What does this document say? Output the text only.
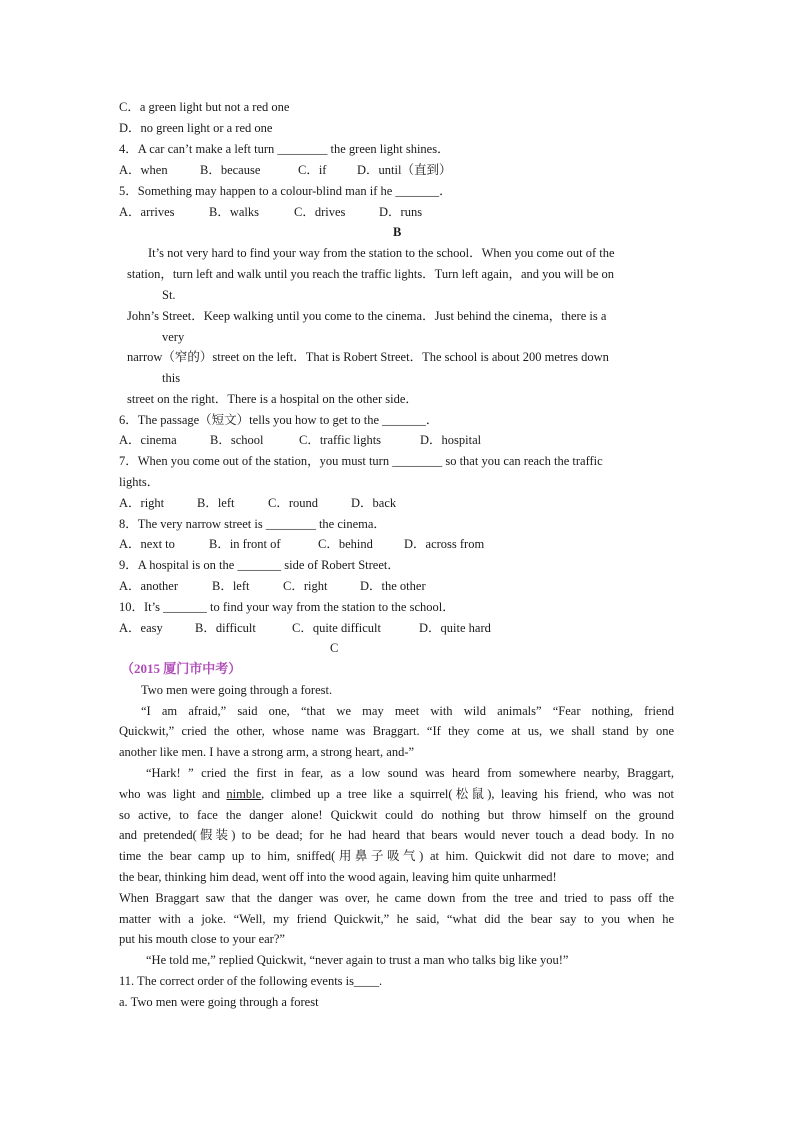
C．a green light but not a red one
D．no green light or a red one
4．A car can’t make a left turn ________ the green light shines．
A．when	B．because	C．if D．until（直到）
5．Something may happen to a colour-blind man if he _______．
A．arrives	B．walks	C．drives	D．runs
B
It’s not very hard to find your way from the station to the school．When you come out of the
station，turn left and walk until you reach the traffic lights．Turn left again，and you will be on
St.
John’s Street．Keep walking until you come to the cinema．Just behind the cinema，there is a
very
narrow（窄的）street on the left．That is Robert Street．The school is about 200 metres down
this
street on the right．There is a hospital on the other side．
6．The passage（短文）tells you how to get to the _______．
A．cinema	B．school	C．traffic lights	D．hospital
7．When you come out of the station，you must turn ________ so that you can reach the traffic
lights．
A．right	B．left	C．round	D．back
8．The very narrow street is ________ the cinema．
A．next to	B．in front of	C．behind D．across from
9．A hospital is on the _______ side of Robert Street．
A．another	B．left	C．right	D．the other
10．It’s _______ to find your way from the station to the school．
A．easy	B．difficult	C．quite difficult	D．quite hard
C
（2015 厦门市中考）
Two men were going through a forest.
“I am afraid,” said one, “that we may meet with wild animals” “Fear nothing, friend
Quickwit,” cried the other, whose name was Braggart. “If they come at us, we shall stand by one
another like men. I have a strong arm, a strong heart, and-”
“Hark! ” cried the first in fear, as a low sound was heard from somewhere nearby, Braggart,
who was light and nimble, climbed up a tree like a squirrel(松鼠), leaving his friend, who was not
so active, to face the danger alone! Quickwit could do nothing but throw himself on the ground
and pretended(假装) to be dead; for he had heard that bears would never touch a dead body. In no
time the bear camp up to him, sniffed(用鼻子吸气) at him. Quickwit did not dare to move; and
the bear, thinking him dead, went off into the wood again, leaving him quite unharmed!
When Braggart saw that the danger was over, he came down from the tree and tried to pass off the
matter with a joke. “Well, my friend Quickwit,” he said, “what did the bear say to you when he
put his mouth close to your ear?”
“He told me,” replied Quickwit, “never again to trust a man who talks big like you!”
11. The correct order of the following events is____.
a. Two men were going through a forest
